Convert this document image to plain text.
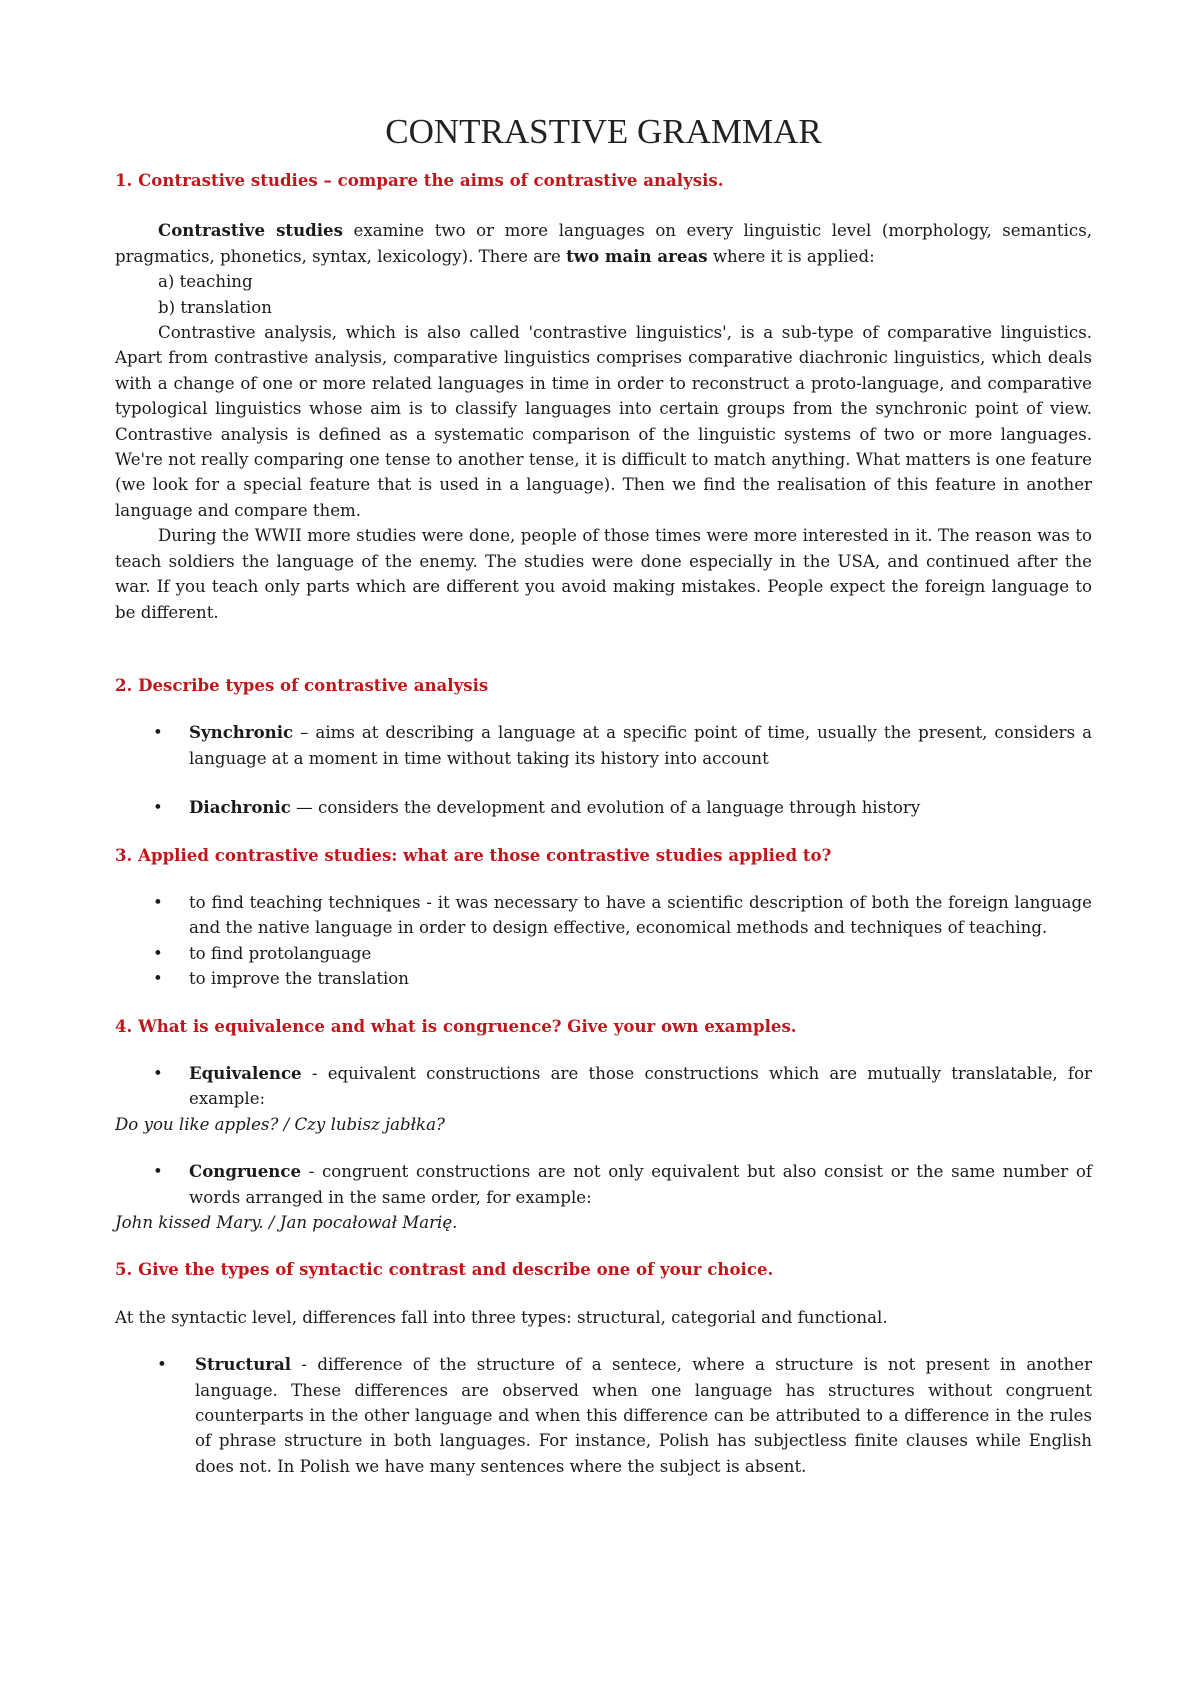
CONTRASTIVE GRAMMAR

1. Contrastive studies – compare the aims of contrastive analysis.

Contrastive studies examine two or more languages on every linguistic level (morphology, semantics, pragmatics, phonetics, syntax, lexicology). There are two main areas where it is applied:

a) teaching

b) translation

Contrastive analysis, which is also called 'contrastive linguistics', is a sub-type of comparative linguistics. Apart from contrastive analysis, comparative linguistics comprises comparative diachronic linguistics, which deals with a change of one or more related languages in time in order to reconstruct a proto-language, and comparative typological linguistics whose aim is to classify languages into certain groups from the synchronic point of view. Contrastive analysis is defined as a systematic comparison of the linguistic systems of two or more languages. We're not really comparing one tense to another tense, it is difficult to match anything. What matters is one feature (we look for a special feature that is used in a language). Then we find the realisation of this feature in another language and compare them.

During the WWII more studies were done, people of those times were more interested in it. The reason was to teach soldiers the language of the enemy. The studies were done especially in the USA, and continued after the war. If you teach only parts which are different you avoid making mistakes. People expect the foreign language to be different.

2. Describe types of contrastive analysis

• Synchronic – aims at describing a language at a specific point of time, usually the present, considers a language at a moment in time without taking its history into account
• Diachronic — considers the development and evolution of a language through history

3. Applied contrastive studies: what are those contrastive studies applied to?

• to find teaching techniques - it was necessary to have a scientific description of both the foreign language and the native language in order to design effective, economical methods and techniques of teaching.
• to find protolanguage
• to improve the translation

4. What is equivalence and what is congruence? Give your own examples.

• Equivalence - equivalent constructions are those constructions which are mutually translatable, for example:

Do you like apples? / Czy lubisz jabłka?

• Congruence - congruent constructions are not only equivalent but also consist or the same number of words arranged in the same order, for example:

John kissed Mary. / Jan pocałował Marię.

5. Give the types of syntactic contrast and describe one of your choice.

At the syntactic level, differences fall into three types: structural, categorial and functional.

• Structural - difference of the structure of a sentece, where a structure is not present in another language. These differences are observed when one language has structures without congruent counterparts in the other language and when this difference can be attributed to a difference in the rules of phrase structure in both languages. For instance, Polish has subjectless finite clauses while English does not. In Polish we have many sentences where the subject is absent.
